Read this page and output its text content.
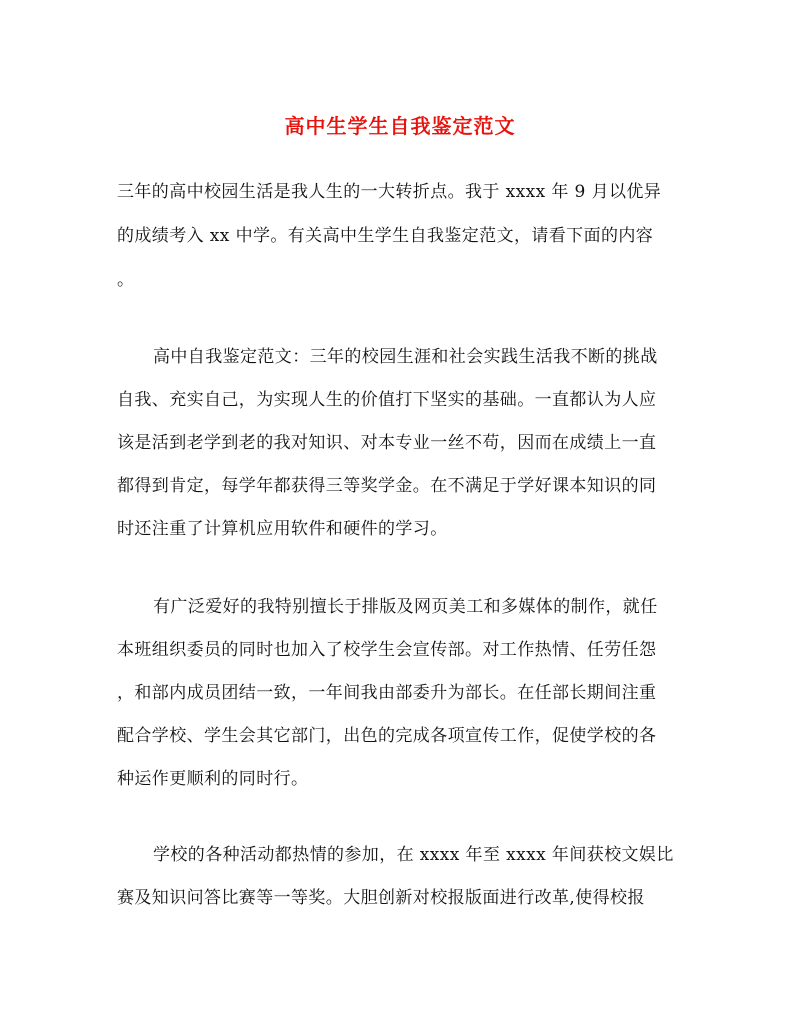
高中生学生自我鉴定范文
三年的高中校园生活是我人生的一大转折点。我于 xxxx 年 9 月以优异
的成绩考入 xx 中学。有关高中生学生自我鉴定范文，请看下面的内容
。
高中自我鉴定范文：三年的校园生涯和社会实践生活我不断的挑战
自我、充实自己，为实现人生的价值打下坚实的基础。一直都认为人应
该是活到老学到老的我对知识、对本专业一丝不苟，因而在成绩上一直
都得到肯定，每学年都获得三等奖学金。在不满足于学好课本知识的同
时还注重了计算机应用软件和硬件的学习。
有广泛爱好的我特别擅长于排版及网页美工和多媒体的制作，就任
本班组织委员的同时也加入了校学生会宣传部。对工作热情、任劳任怨
，和部内成员团结一致，一年间我由部委升为部长。在任部长期间注重
配合学校、学生会其它部门，出色的完成各项宣传工作，促使学校的各
种运作更顺利的同时行。
学校的各种活动都热情的参加，在 xxxx 年至 xxxx 年间获校文娱比
赛及知识问答比赛等一等奖。大胆创新对校报版面进行改革,使得校报
